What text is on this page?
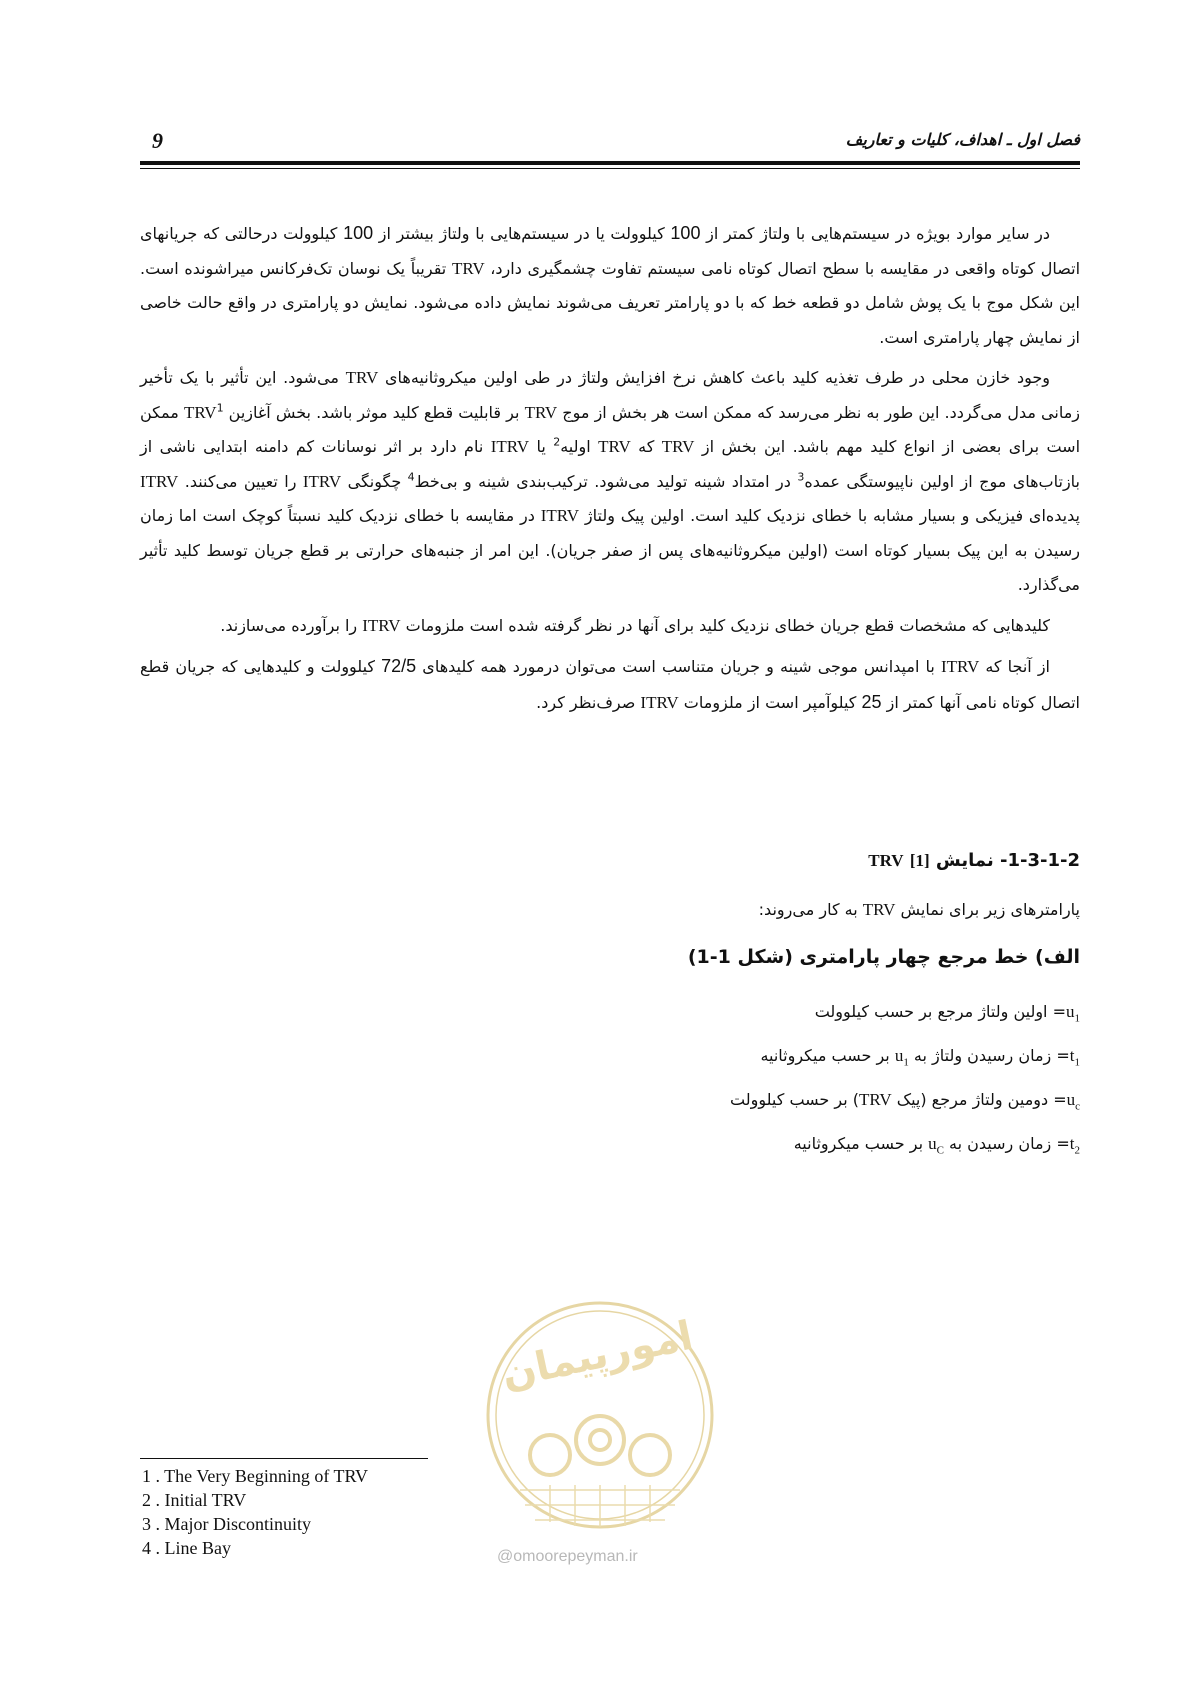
9	فصل اول ـ اهداف، کلیات و تعاریف

در سایر موارد بویژه در سیستم‌هایی با ولتاژ کمتر از 100 کیلوولت یا در سیستم‌هایی با ولتاژ بیشتر از 100 کیلوولت درحالتی که جریانهای اتصال کوتاه واقعی در مقایسه با سطح اتصال کوتاه نامی سیستم تفاوت چشمگیری دارد، TRV تقریباً یک نوسان تک‌فرکانس میراشونده است. این شکل موج با یک پوش شامل دو قطعه خط که با دو پارامتر تعریف می‌شوند نمایش داده می‌شود. نمایش دو پارامتری در واقع حالت خاصی از نمایش چهار پارامتری است.

وجود خازن محلی در طرف تغذیه کلید باعث کاهش نرخ افزایش ولتاژ در طی اولین میکروثانیه‌های TRV می‌شود. این تأثیر با یک تأخیر زمانی مدل می‌گردد. این طور به نظر می‌رسد که ممکن است هر بخش از موج TRV بر قابلیت قطع کلید موثر باشد. بخش آغازین TRV$^1$ ممکن است برای بعضی از انواع کلید مهم باشد. این بخش از TRV که TRV اولیه$^2$ یا ITRV نام دارد بر اثر نوسانات کم دامنه ابتدایی ناشی از بازتاب‌های موج از اولین ناپیوستگی عمده$^3$ در امتداد شینه تولید می‌شود. ترکیب‌بندی شینه و بی‌خط$^4$ چگونگی ITRV را تعیین می‌کنند. ITRV پدیده‌ای فیزیکی و بسیار مشابه با خطای نزدیک کلید است. اولین پیک ولتاژ ITRV در مقایسه با خطای نزدیک کلید نسبتاً کوچک است اما زمان رسیدن به این پیک بسیار کوتاه است (اولین میکروثانیه‌های پس از صفر جریان). این امر از جنبه‌های حرارتی بر قطع جریان توسط کلید تأثیر می‌گذارد.

کلیدهایی که مشخصات قطع جریان خطای نزدیک کلید برای آنها در نظر گرفته شده است ملزومات ITRV را برآورده می‌سازند.

از آنجا که ITRV با امپدانس موجی شینه و جریان متناسب است می‌توان درمورد همه کلیدهای 72/5 کیلوولت و کلیدهایی که جریان قطع اتصال کوتاه نامی آنها کمتر از 25 کیلوآمپر است از ملزومات ITRV صرف‌نظر کرد.

1-3-1-2- نمایش TRV [1]
پارامترهای زیر برای نمایش TRV به کار می‌روند:
الف) خط مرجع چهار پارامتری (شکل 1-1)
$u_1=$ اولین ولتاژ مرجع بر حسب کیلوولت
$t_1=$ زمان رسیدن ولتاژ به $u_1$ بر حسب میکروثانیه
$u_c=$ دومین ولتاژ مرجع (پیک TRV) بر حسب کیلوولت
$t_2=$ زمان رسیدن به $u_C$ بر حسب میکروثانیه
امورپیمان
@omoorepeyman.ir
1 . The Very Beginning of TRV
2 . Initial TRV
3 . Major Discontinuity
4 . Line Bay
